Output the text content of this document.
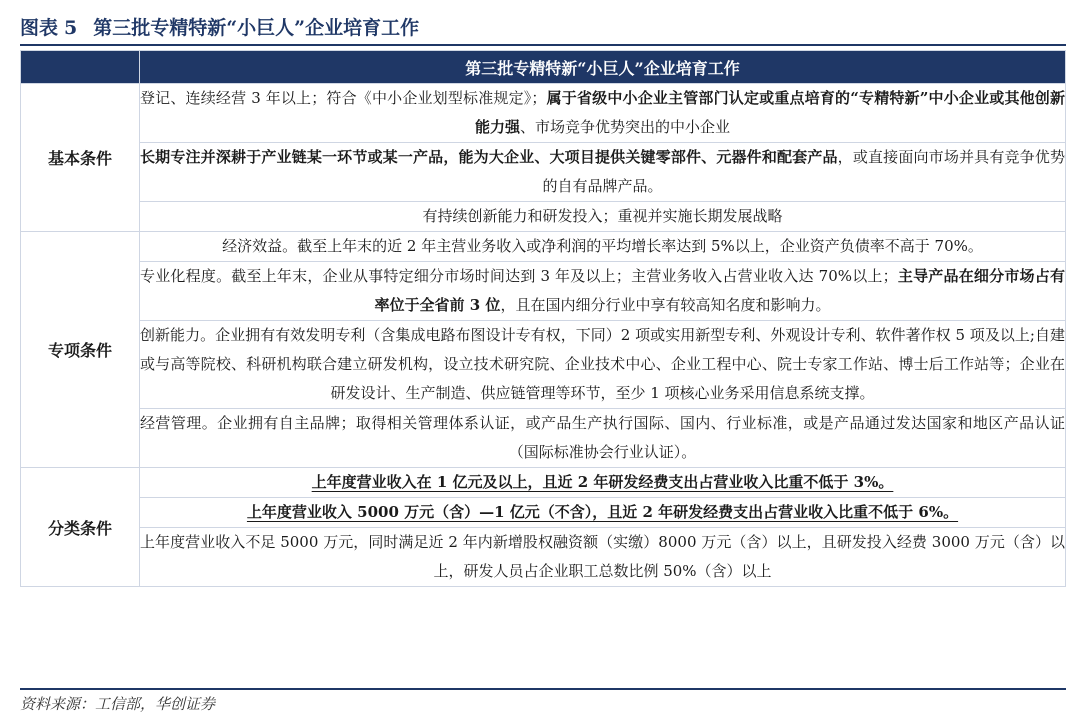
图表 5 第三批专精特新“小巨人”企业培育工作
	第三批专精特新“小巨人”企业培育工作
基本条件	登记、连续经营 3 年以上；符合《中小企业划型标准规定》；属于省级中小企业主管部门认定或重点培育的“专精特新”中小企业或其他创新能力强、市场竞争优势突出的中小企业
	长期专注并深耕于产业链某一环节或某一产品，能为大企业、大项目提供关键零部件、元器件和配套产品，或直接面向市场并具有竞争优势的自有品牌产品。
	有持续创新能力和研发投入；重视并实施长期发展战略
专项条件	经济效益。截至上年末的近 2 年主营业务收入或净利润的平均增长率达到 5%以上，企业资产负债率不高于 70%。
	专业化程度。截至上年末，企业从事特定细分市场时间达到 3 年及以上；主营业务收入占营业收入达 70%以上；主导产品在细分市场占有率位于全省前 3 位，且在国内细分行业中享有较高知名度和影响力。
	创新能力。企业拥有有效发明专利（含集成电路布图设计专有权，下同）2 项或实用新型专利、外观设计专利、软件著作权 5 项及以上;自建或与高等院校、科研机构联合建立研发机构，设立技术研究院、企业技术中心、企业工程中心、院士专家工作站、博士后工作站等；企业在研发设计、生产制造、供应链管理等环节，至少 1 项核心业务采用信息系统支撑。
	经营管理。企业拥有自主品牌；取得相关管理体系认证，或产品生产执行国际、国内、行业标准，或是产品通过发达国家和地区产品认证（国际标准协会行业认证）。
分类条件	上年度营业收入在 1 亿元及以上，且近 2 年研发经费支出占营业收入比重不低于 3%。
	上年度营业收入 5000 万元（含）—1 亿元（不含），且近 2 年研发经费支出占营业收入比重不低于 6%。
	上年度营业收入不足 5000 万元，同时满足近 2 年内新增股权融资额（实缴）8000 万元（含）以上，且研发投入经费 3000 万元（含）以上，研发人员占企业职工总数比例 50%（含）以上
资料来源：工信部，华创证券
